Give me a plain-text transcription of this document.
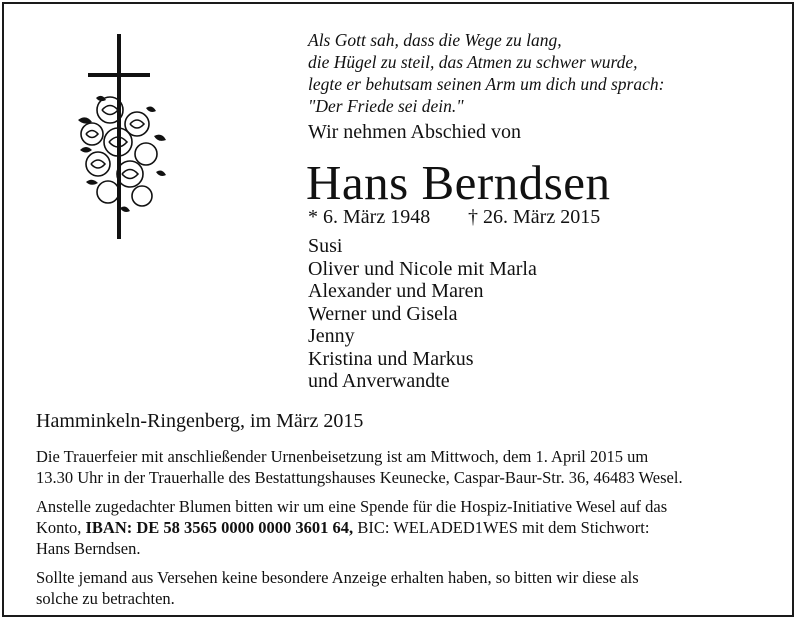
Als Gott sah, dass die Wege zu lang,
die Hügel zu steil, das Atmen zu schwer wurde,
legte er behutsam seinen Arm um dich und sprach:
"Der Friede sei dein."
Wir nehmen Abschied von
Hans Berndsen
* 6. März 1948 † 26. März 2015
Susi
Oliver und Nicole mit Marla
Alexander und Maren
Werner und Gisela
Jenny
Kristina und Markus
und Anverwandte
Hamminkeln-Ringenberg, im März 2015
Die Trauerfeier mit anschließender Urnenbeisetzung ist am Mittwoch, dem 1. April 2015 um
13.30 Uhr in der Trauerhalle des Bestattungshauses Keunecke, Caspar-Baur-Str. 36, 46483 Wesel.
Anstelle zugedachter Blumen bitten wir um eine Spende für die Hospiz-Initiative Wesel auf das
Konto, IBAN: DE 58 3565 0000 0000 3601 64, BIC: WELADED1WES mit dem Stichwort:
Hans Berndsen.
Sollte jemand aus Versehen keine besondere Anzeige erhalten haben, so bitten wir diese als
solche zu betrachten.
